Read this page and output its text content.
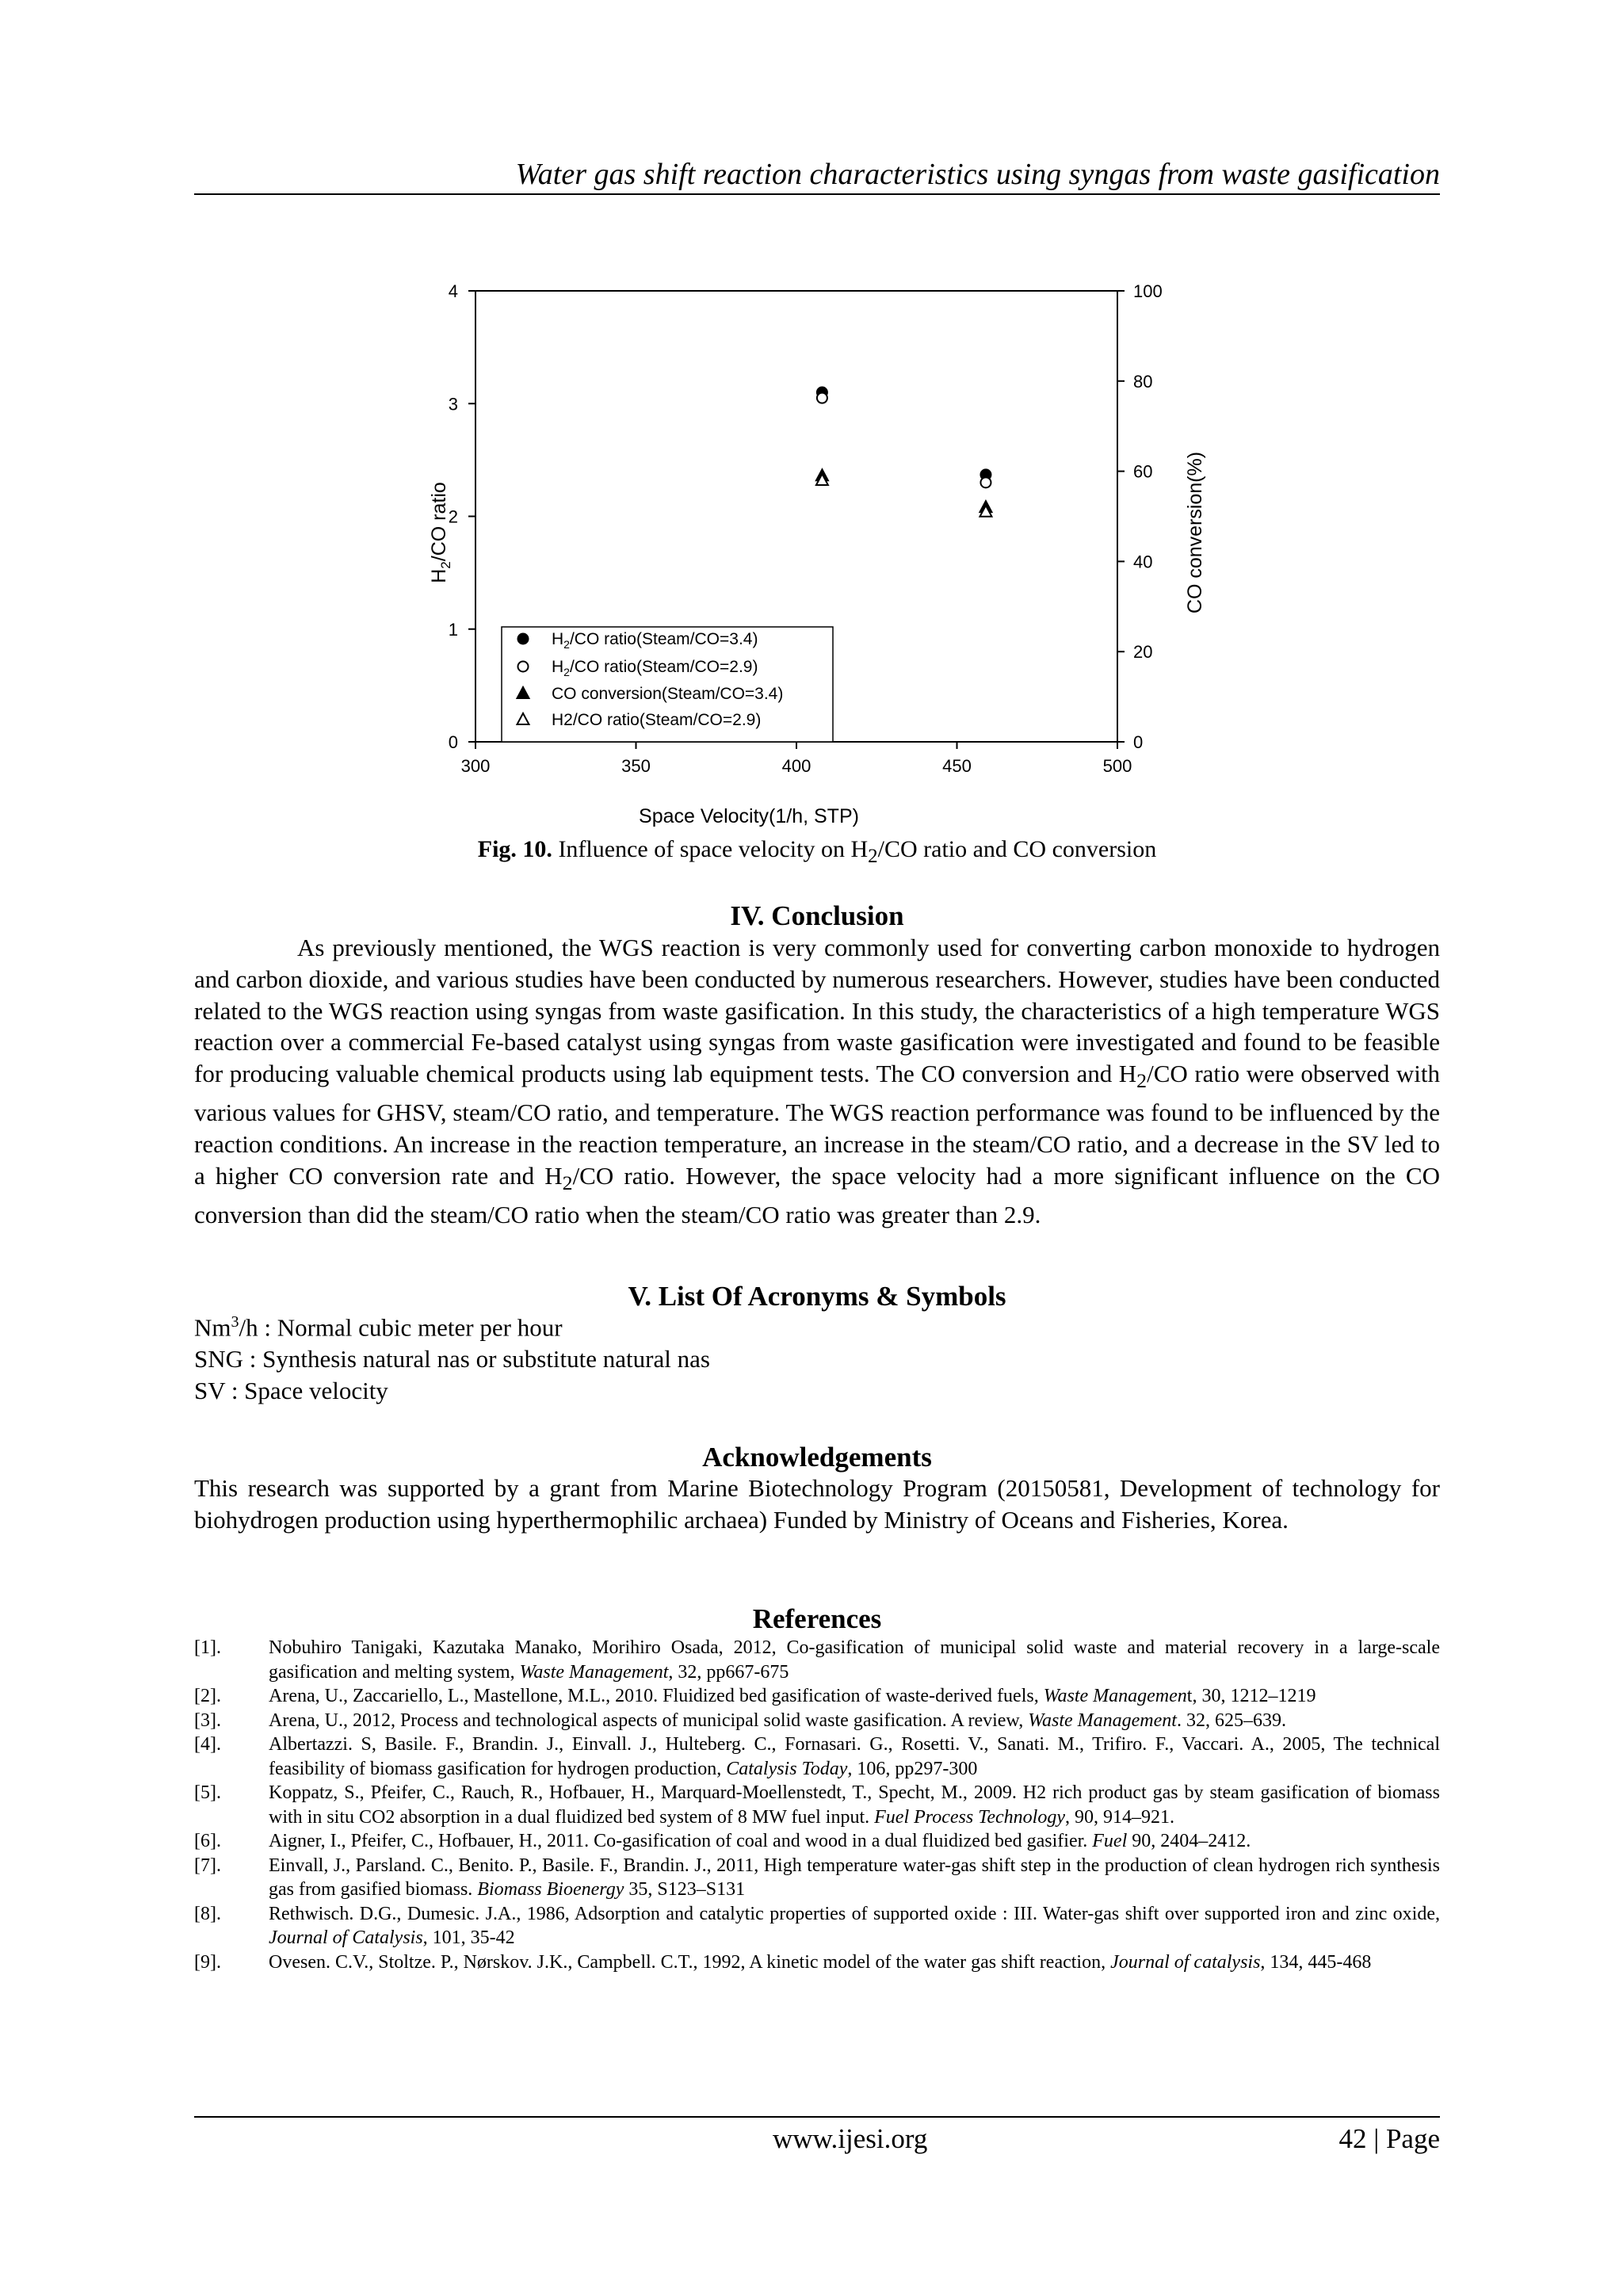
Water gas shift reaction characteristics using syngas from waste gasification
300	350	400	450	500
0
1
2
3
4
0
20
40
60
80
100
Space Velocity(1/h, STP)
$H_2/CO$ ratio	CO conversion(%)
$H_2/CO$ ratio(Steam/CO=3.4)
$H_2/CO$ ratio(Steam/CO=2.9)
CO conversion(Steam/CO=3.4)
H2/CO ratio(Steam/CO=2.9)
Fig. 10. Influence of space velocity on $H_2/CO$ ratio and CO conversion
IV. Conclusion

As previously mentioned, the WGS reaction is very commonly used for converting carbon monoxide to hydrogen and carbon dioxide, and various studies have been conducted by numerous researchers. However, studies have been conducted related to the WGS reaction using syngas from waste gasification. In this study, the characteristics of a high temperature WGS reaction over a commercial Fe-based catalyst using syngas from waste gasification were investigated and found to be feasible for producing valuable chemical products using lab equipment tests. The CO conversion and $H_2/CO$ ratio were observed with various values for GHSV, steam/CO ratio, and temperature. The WGS reaction performance was found to be influenced by the reaction conditions. An increase in the reaction temperature, an increase in the steam/CO ratio, and a decrease in the SV led to a higher CO conversion rate and $H_2/CO$ ratio. However, the space velocity had a more significant influence on the CO conversion than did the steam/CO ratio when the steam/CO ratio was greater than 2.9.

V. List Of Acronyms & Symbols
Nm$^3$/h : Normal cubic meter per hour
SNG : Synthesis natural nas or substitute natural nas
SV : Space velocity
Acknowledgements

This research was supported by a grant from Marine Biotechnology Program (20150581, Development of technology for biohydrogen production using hyperthermophilic archaea) Funded by Ministry of Oceans and Fisheries, Korea.

References
[1].	Nobuhiro Tanigaki, Kazutaka Manako, Morihiro Osada, 2012, Co-gasification of municipal solid waste and material recovery in a large-scale gasification and melting system, Waste Management, 32, pp667-675
[2].	Arena, U., Zaccariello, L., Mastellone, M.L., 2010. Fluidized bed gasification of waste-derived fuels, Waste Management, 30, 1212–1219
[3].	Arena, U., 2012, Process and technological aspects of municipal solid waste gasification. A review, Waste Management. 32, 625–639.
[4].	Albertazzi. S, Basile. F., Brandin. J., Einvall. J., Hulteberg. C., Fornasari. G., Rosetti. V., Sanati. M., Trifiro. F., Vaccari. A., 2005, The technical feasibility of biomass gasification for hydrogen production, Catalysis Today, 106, pp297-300
[5].	Koppatz, S., Pfeifer, C., Rauch, R., Hofbauer, H., Marquard-Moellenstedt, T., Specht, M., 2009. H2 rich product gas by steam gasification of biomass with in situ CO2 absorption in a dual fluidized bed system of 8 MW fuel input. Fuel Process Technology, 90, 914–921.
[6].	Aigner, I., Pfeifer, C., Hofbauer, H., 2011. Co-gasification of coal and wood in a dual fluidized bed gasifier. Fuel 90, 2404–2412.
[7].	Einvall, J., Parsland. C., Benito. P., Basile. F., Brandin. J., 2011, High temperature water-gas shift step in the production of clean hydrogen rich synthesis gas from gasified biomass. Biomass Bioenergy 35, S123–S131
[8].	Rethwisch. D.G., Dumesic. J.A., 1986, Adsorption and catalytic properties of supported oxide : III. Water-gas shift over supported iron and zinc oxide, Journal of Catalysis, 101, 35-42
[9].	Ovesen. C.V., Stoltze. P., Nørskov. J.K., Campbell. C.T., 1992, A kinetic model of the water gas shift reaction, Journal of catalysis, 134, 445-468
www.ijesi.org	42 | Page
